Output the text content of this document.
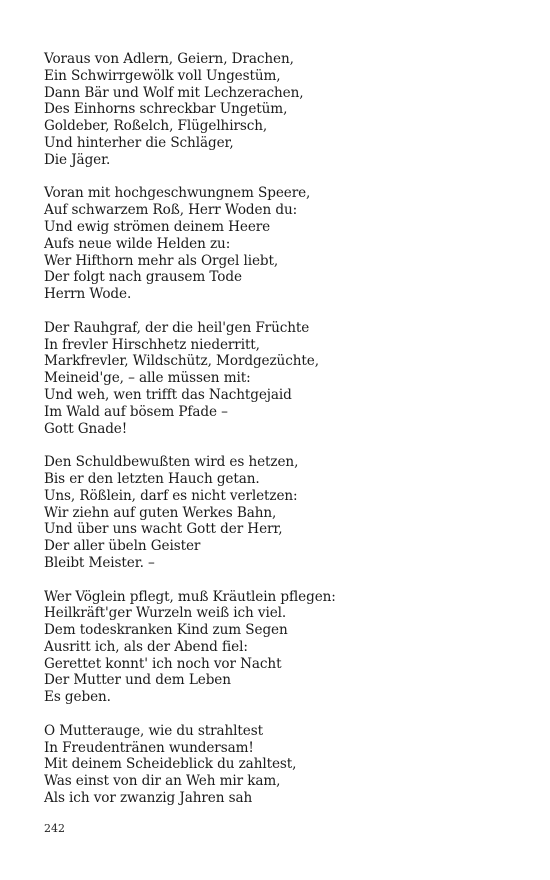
Voraus von Adlern, Geiern, Drachen,
Ein Schwirrgewölk voll Ungestüm,
Dann Bär und Wolf mit Lechzerachen,
Des Einhorns schreckbar Ungetüm,
Goldeber, Roßelch, Flügelhirsch,
Und hinterher die Schläger,
Die Jäger.
Voran mit hochgeschwungnem Speere,
Auf schwarzem Roß, Herr Woden du:
Und ewig strömen deinem Heere
Aufs neue wilde Helden zu:
Wer Hifthorn mehr als Orgel liebt,
Der folgt nach grausem Tode
Herrn Wode.
Der Rauhgraf, der die heil'gen Früchte
In frevler Hirschhetz niederritt,
Markfrevler, Wildschütz, Mordgezüchte,
Meineid'ge, – alle müssen mit:
Und weh, wen trifft das Nachtgejaid
Im Wald auf bösem Pfade –
Gott Gnade!
Den Schuldbewußten wird es hetzen,
Bis er den letzten Hauch getan.
Uns, Rößlein, darf es nicht verletzen:
Wir ziehn auf guten Werkes Bahn,
Und über uns wacht Gott der Herr,
Der aller übeln Geister
Bleibt Meister. –
Wer Vöglein pflegt, muß Kräutlein pflegen:
Heilkräft'ger Wurzeln weiß ich viel.
Dem todeskranken Kind zum Segen
Ausritt ich, als der Abend fiel:
Gerettet konnt' ich noch vor Nacht
Der Mutter und dem Leben
Es geben.
O Mutterauge, wie du strahltest
In Freudentränen wundersam!
Mit deinem Scheideblick du zahltest,
Was einst von dir an Weh mir kam,
Als ich vor zwanzig Jahren sah
242
